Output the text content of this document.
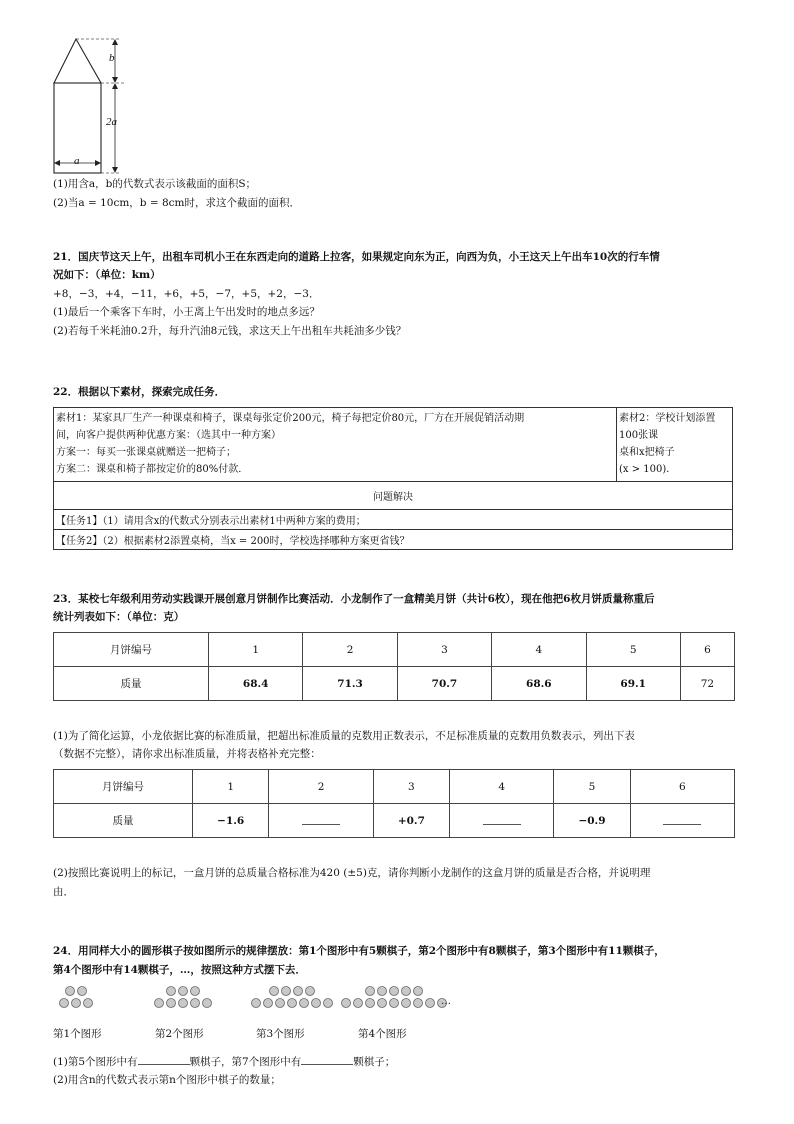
b
2a
a
(1)用含a，b的代数式表示该截面的面积S；
(2)当a = 10cm，b = 8cm时，求这个截面的面积．
21．国庆节这天上午，出租车司机小王在东西走向的道路上拉客，如果规定向东为正，向西为负，小王这天上午出车10次的行车情
况如下：（单位：km）
+8，−3，+4，−11，+6，+5，−7，+5，+2，−3．
(1)最后一个乘客下车时，小王离上午出发时的地点多远？
(2)若每千米耗油0.2升，每升汽油8元钱，求这天上午出租车共耗油多少钱？
22．根据以下素材，探索完成任务．
素材1：某家具厂生产一种课桌和椅子，课桌每张定价200元，椅子每把定价80元，厂方在开展促销活动期
间，向客户提供两种优惠方案：（选其中一种方案）
方案一：每买一张课桌就赠送一把椅子；
方案二：课桌和椅子都按定价的80%付款．

素材2：学校计划添置
100张课
桌和x把椅子
(x > 100)．

问题解决
【任务1】（1）请用含x的代数式分别表示出素材1中两种方案的费用；
【任务2】（2）根据素材2添置桌椅，当x = 200时，学校选择哪种方案更省钱？
23．某校七年级利用劳动实践课开展创意月饼制作比赛活动．小龙制作了一盒精美月饼（共计6枚），现在他把6枚月饼质量称重后
统计列表如下：（单位：克）
月饼编号	1	2	3	4	5	6
质量	68.4	71.3	70.7	68.6	69.1	72
(1)为了简化运算，小龙依据比赛的标准质量，把超出标准质量的克数用正数表示，不足标准质量的克数用负数表示，列出下表
（数据不完整），请你求出标准质量，并将表格补充完整：
月饼编号	1	2	3	4	5	6
质量	−1.6		+0.7		−0.9	
(2)按照比赛说明上的标记，一盒月饼的总质量合格标准为420 (±5)克，请你判断小龙制作的这盒月饼的质量是否合格，并说明理
由．
24．用同样大小的圆形棋子按如图所示的规律摆放：第1个图形中有5颗棋子，第2个图形中有8颗棋子，第3个图形中有11颗棋子，
第4个图形中有14颗棋子，…，按照这种方式摆下去．
…
第1个图形	第2个图形	第3个图形	第4个图形
(1)第5个图形中有	颗棋子，第7个图形中有	颗棋子；
(2)用含n的代数式表示第n个图形中棋子的数量；
